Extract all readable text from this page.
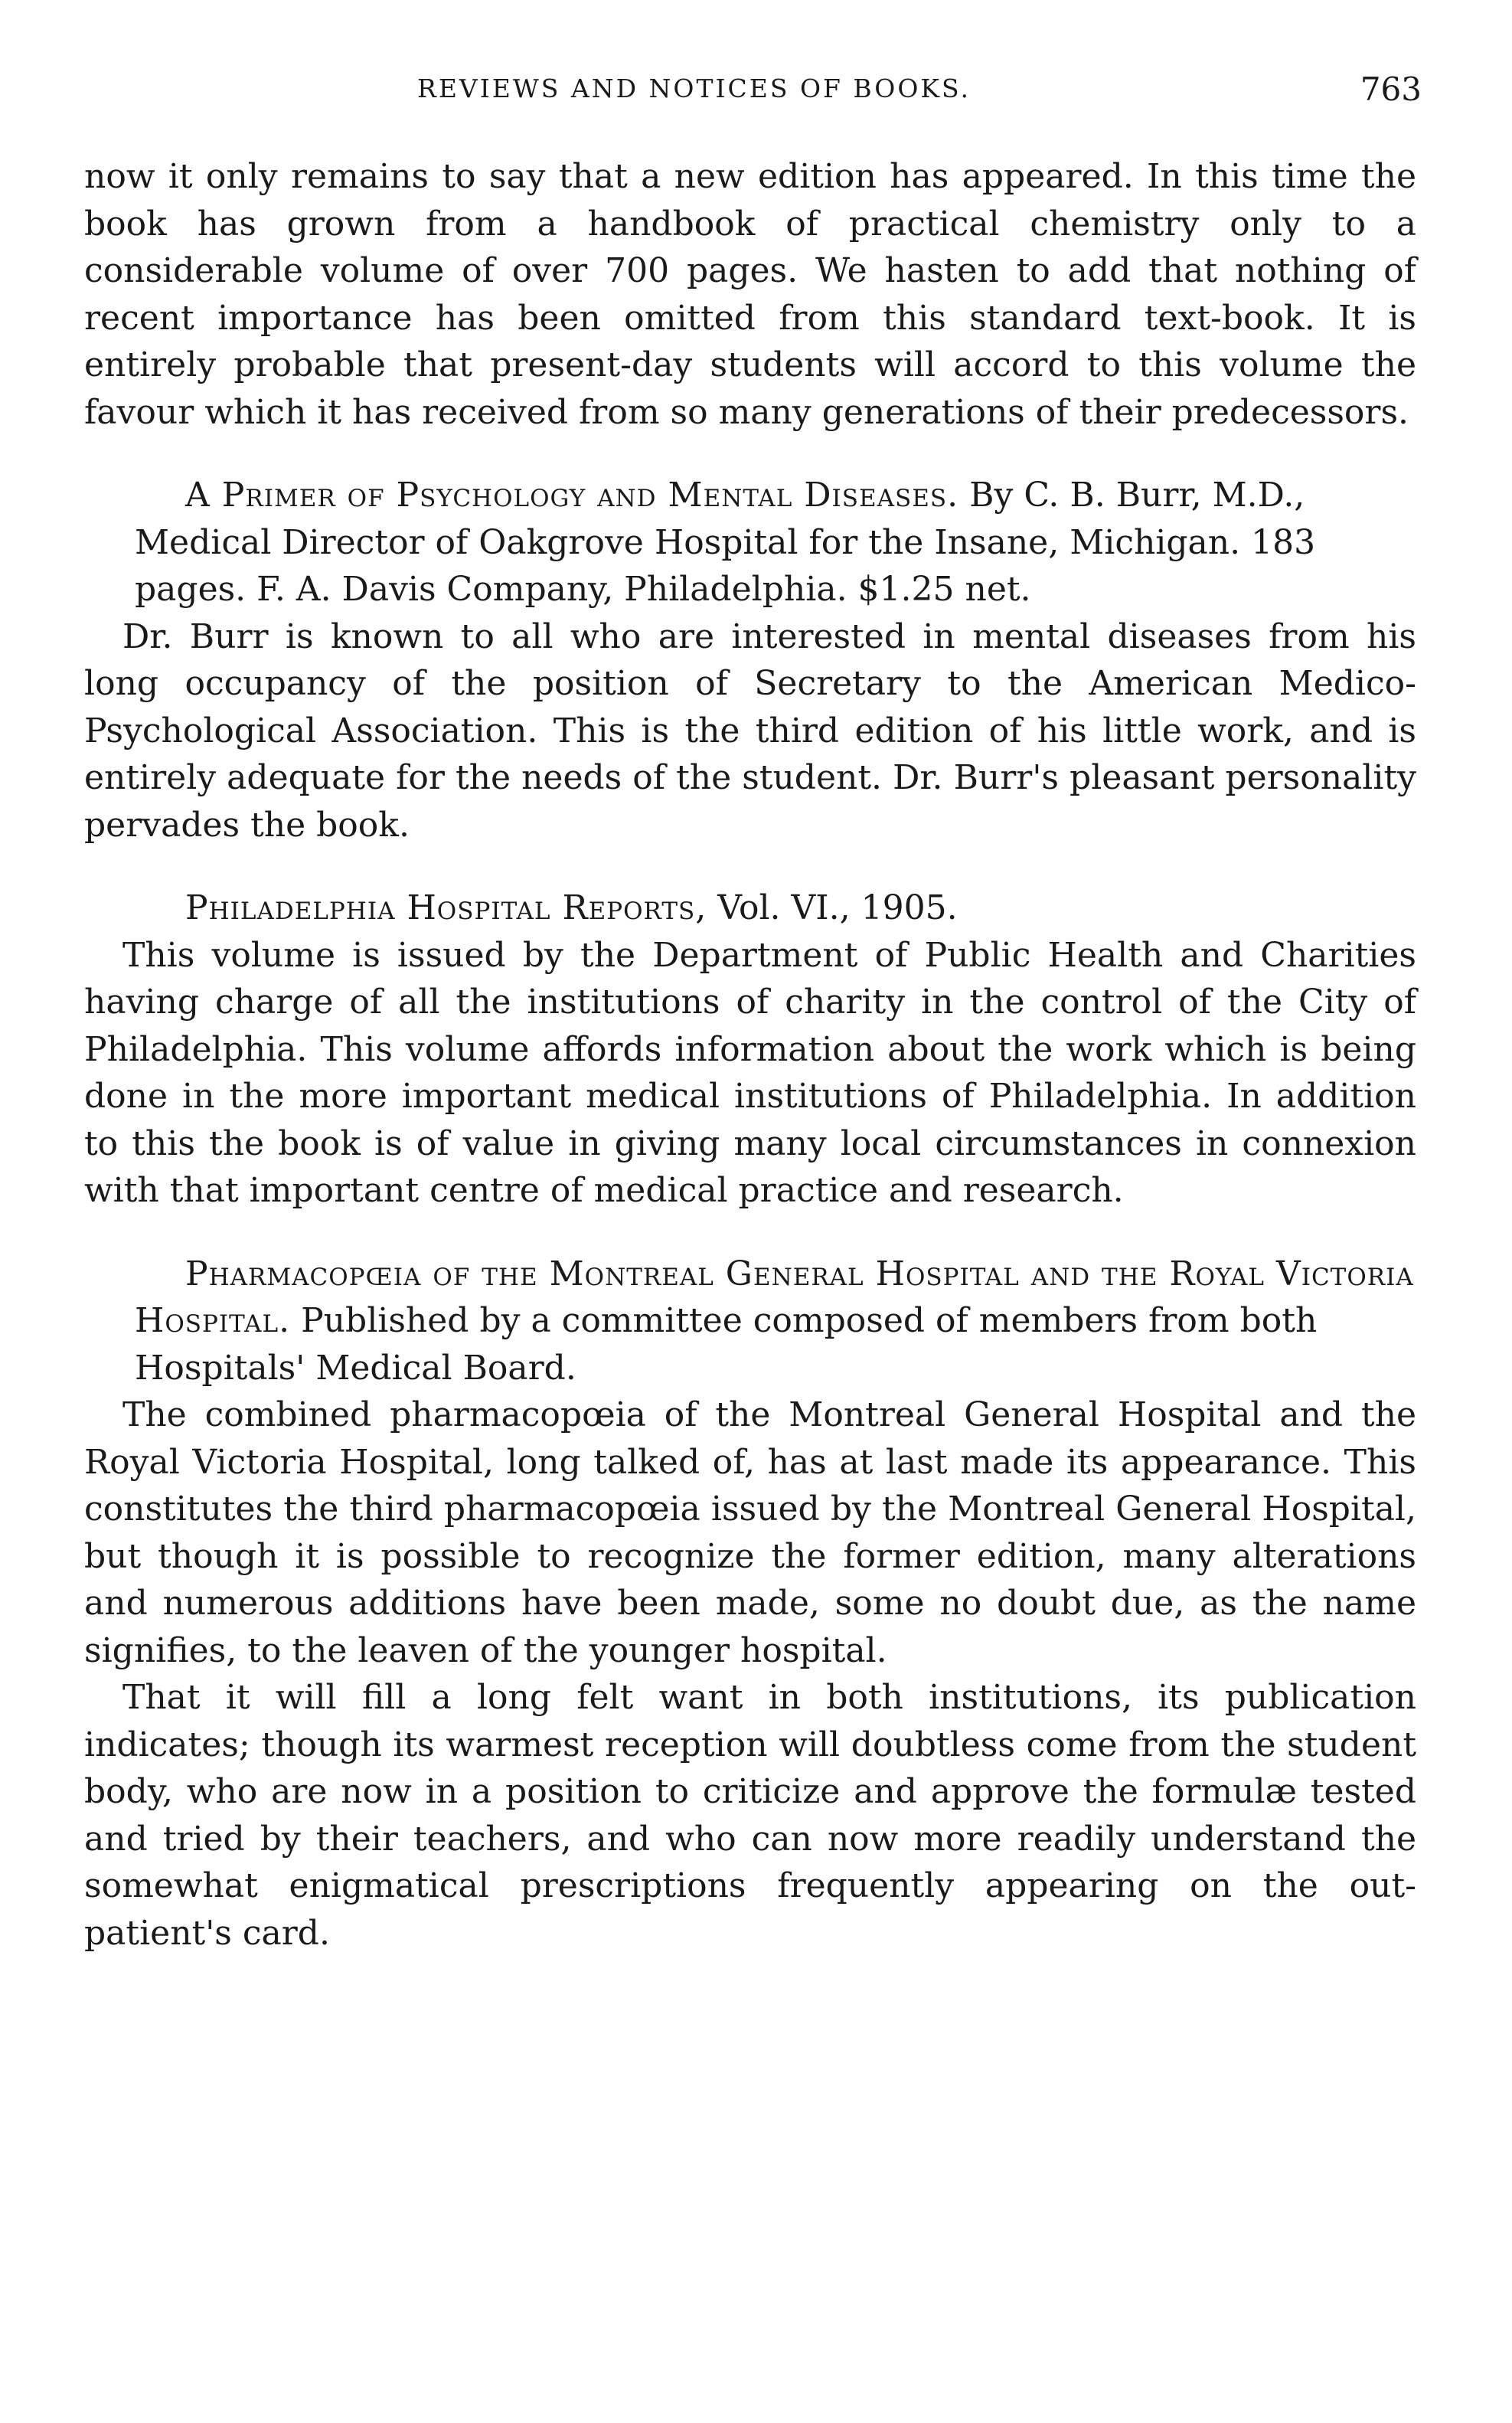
REVIEWS AND NOTICES OF BOOKS.	763

now it only remains to say that a new edition has appeared. In this time the book has grown from a handbook of practical chemistry only to a considerable volume of over 700 pages. We hasten to add that nothing of recent importance has been omitted from this standard text-book. It is entirely probable that present-day students will accord to this volume the favour which it has received from so many generations of their predecessors.

A Primer of Psychology and Mental Diseases. By C. B. Burr, M.D., Medical Director of Oakgrove Hospital for the Insane, Michigan. 183 pages. F. A. Davis Company, Philadelphia. $1.25 net.

Dr. Burr is known to all who are interested in mental diseases from his long occupancy of the position of Secretary to the American Medico-Psychological Association. This is the third edition of his little work, and is entirely adequate for the needs of the student. Dr. Burr's pleasant personality pervades the book.

Philadelphia Hospital Reports, Vol. VI., 1905.

This volume is issued by the Department of Public Health and Charities having charge of all the institutions of charity in the control of the City of Philadelphia. This volume affords information about the work which is being done in the more important medical institutions of Philadelphia. In addition to this the book is of value in giving many local circumstances in connexion with that important centre of medical practice and research.

Pharmacopœia of the Montreal General Hospital and the Royal Victoria Hospital. Published by a committee composed of members from both Hospitals' Medical Board.

The combined pharmacopœia of the Montreal General Hospital and the Royal Victoria Hospital, long talked of, has at last made its appearance. This constitutes the third pharmacopœia issued by the Montreal General Hospital, but though it is possible to recognize the former edition, many alterations and numerous additions have been made, some no doubt due, as the name signifies, to the leaven of the younger hospital.

That it will fill a long felt want in both institutions, its publication indicates; though its warmest reception will doubtless come from the student body, who are now in a position to criticize and approve the formulæ tested and tried by their teachers, and who can now more readily understand the somewhat enigmatical prescriptions frequently appearing on the out-patient's card.
